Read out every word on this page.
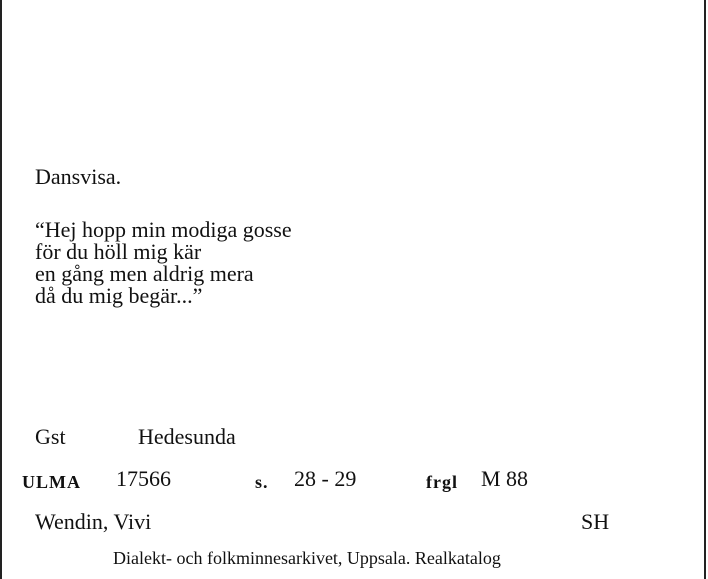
Dansvisa.
“Hej hopp min modiga gosse
för du höll mig kär
en gång men aldrig mera
då du mig begär...”
Gst	Hedesunda
ULMA 17566	s. 28 - 29	frgl M 88
Wendin, Vivi	SH
Dialekt- och folkminnesarkivet, Uppsala. Realkatalog
